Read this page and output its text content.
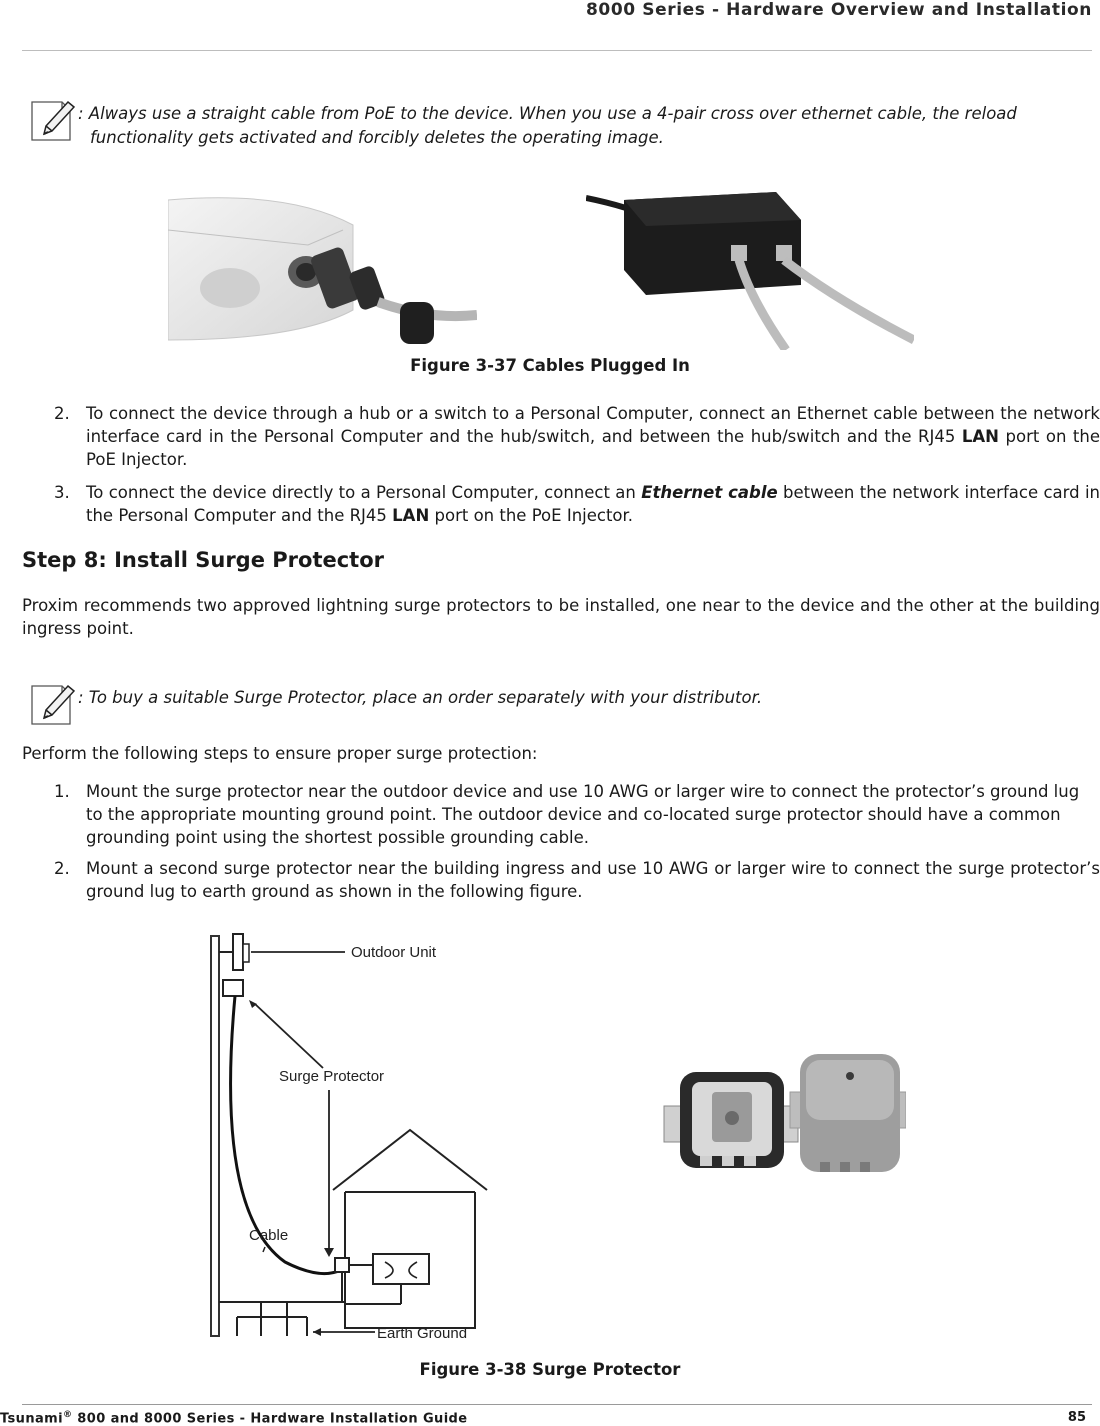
8000 Series - Hardware Overview and Installation
: Always use a straight cable from PoE to the device. When you use a 4-pair cross over ethernet cable, the reload
functionality gets activated and forcibly deletes the operating image.
Figure 3-37 Cables Plugged In
2. To connect the device through a hub or a switch to a Personal Computer, connect an Ethernet cable between the network interface card in the Personal Computer and the hub/switch, and between the hub/switch and the RJ45 LAN port on the PoE Injector.
3. To connect the device directly to a Personal Computer, connect an Ethernet cable between the network interface card in the Personal Computer and the RJ45 LAN port on the PoE Injector.
Step 8: Install Surge Protector
Proxim recommends two approved lightning surge protectors to be installed, one near to the device and the other at the building ingress point.
: To buy a suitable Surge Protector, place an order separately with your distributor.
Perform the following steps to ensure proper surge protection:
1. Mount the surge protector near the outdoor device and use 10 AWG or larger wire to connect the protector’s ground lug to the appropriate mounting ground point. The outdoor device and co-located surge protector should have a common grounding point using the shortest possible grounding cable.
2. Mount a second surge protector near the building ingress and use 10 AWG or larger wire to connect the surge protector’s ground lug to earth ground as shown in the following figure.
Outdoor Unit
Surge Protector
Cable
Earth Ground
Figure 3-38 Surge Protector
Tsunami® 800 and 8000 Series - Hardware Installation Guide	85
